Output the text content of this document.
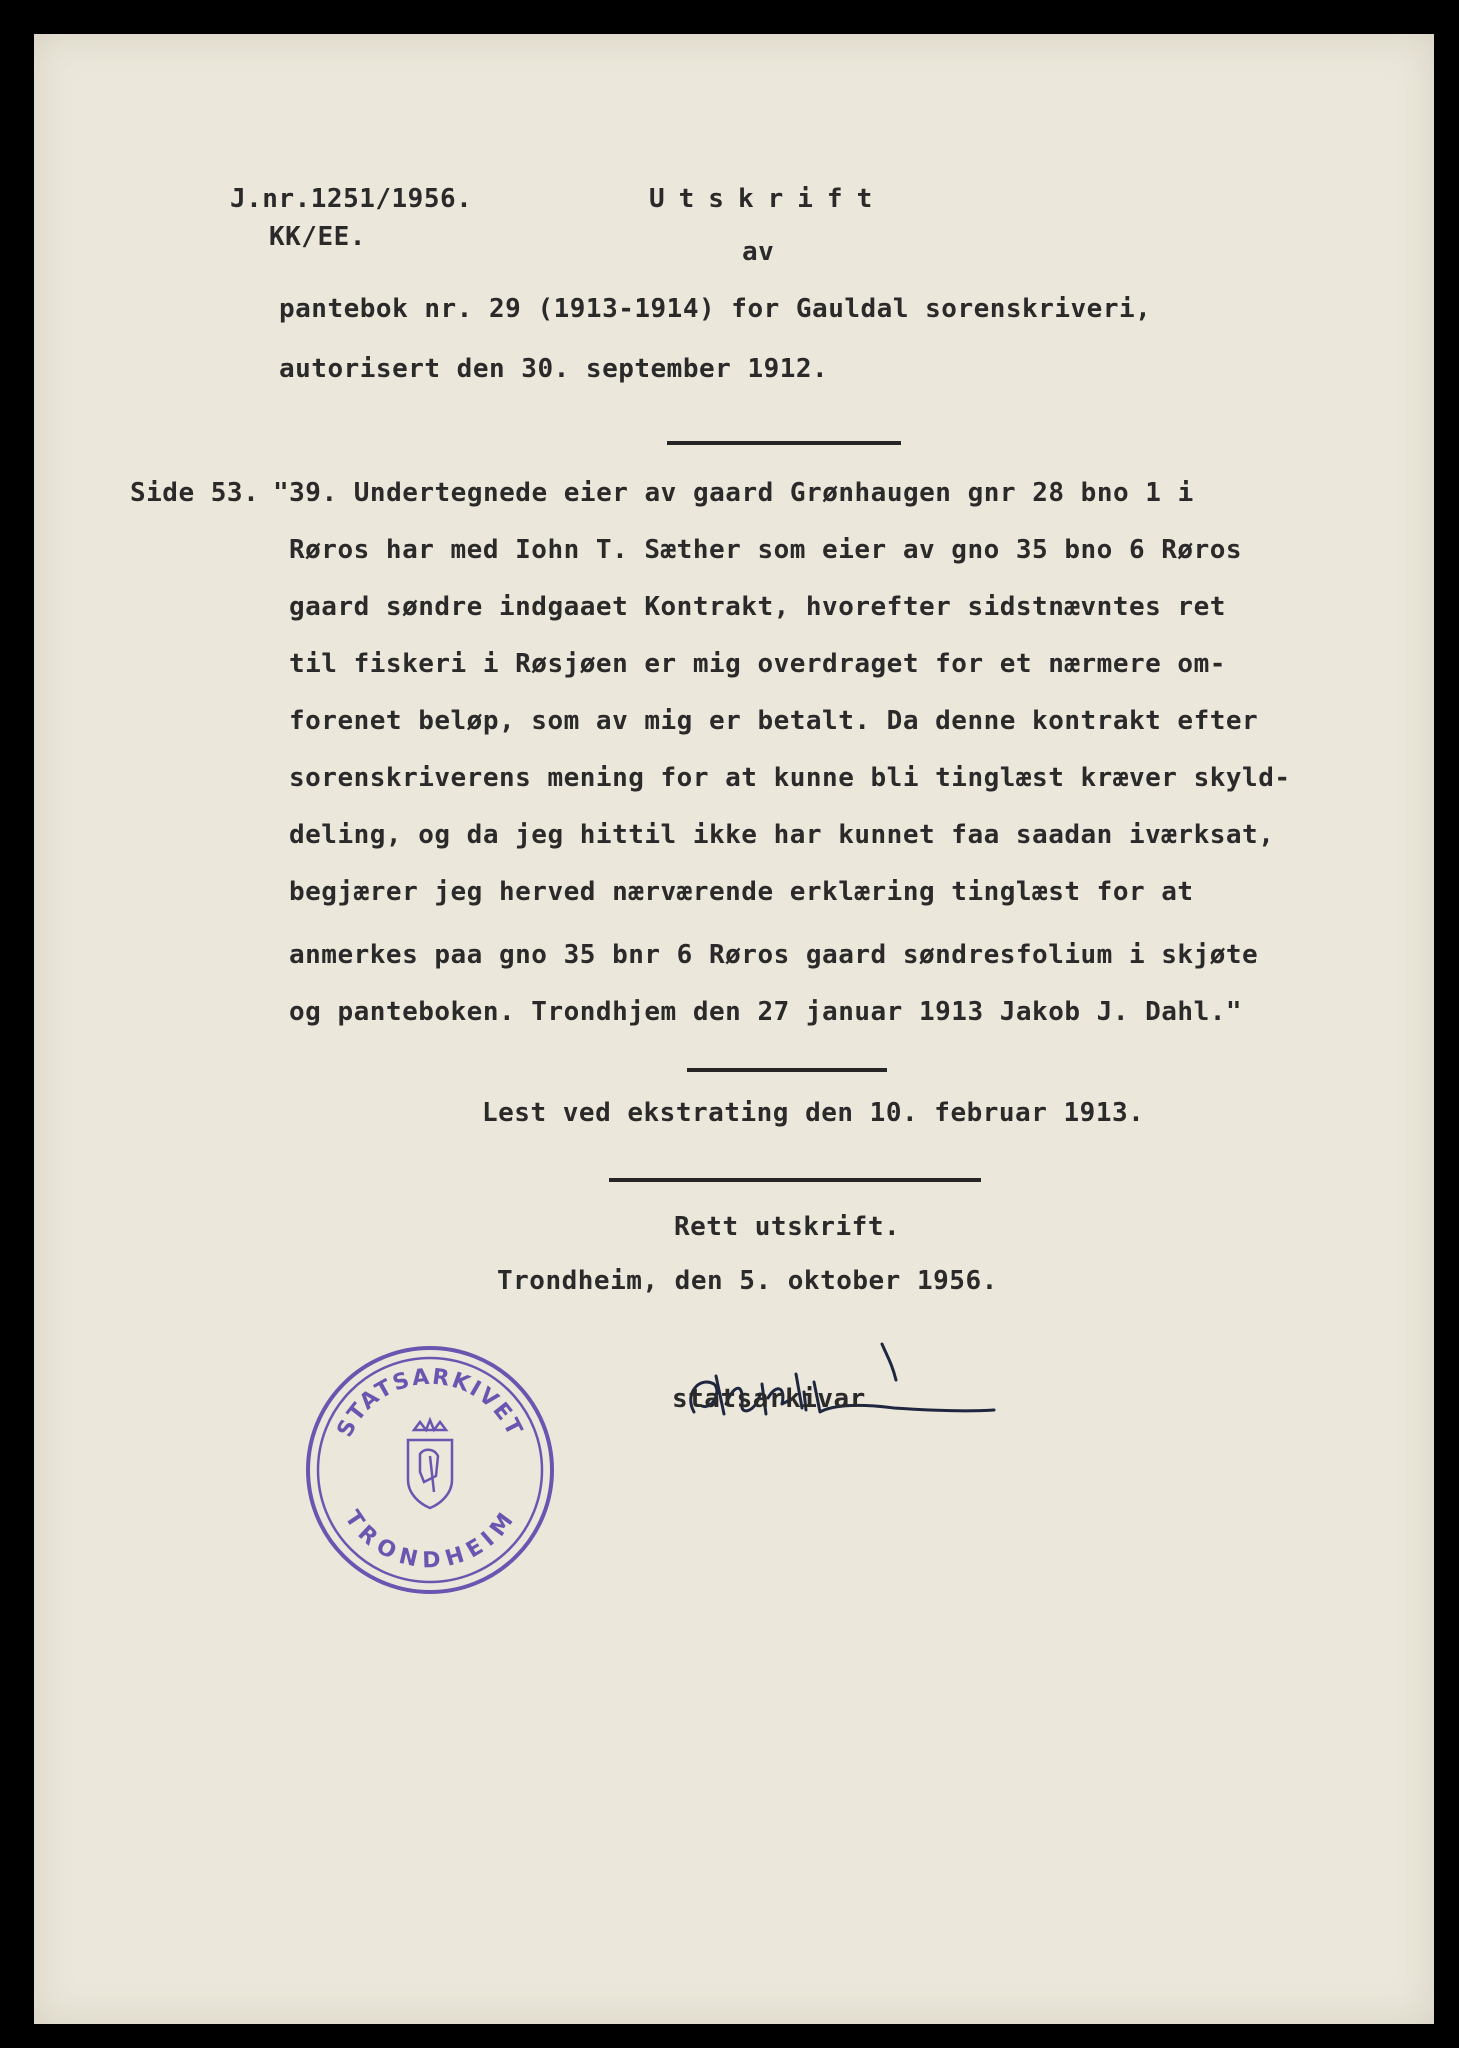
J.nr.1251/1956.
KK/EE.
Utskrift
av
pantebok nr. 29 (1913-1914) for Gauldal sorenskriveri,
autorisert den 30. september 1912.
Side 53. "39. Undertegnede eier av gaard Grønhaugen gnr 28 bno 1 i
Røros har med Iohn T. Sæther som eier av gno 35 bno 6 Røros
gaard søndre indgaaet Kontrakt, hvorefter sidstnævntes ret
til fiskeri i Røsjøen er mig overdraget for et nærmere om-
forenet beløp, som av mig er betalt. Da denne kontrakt efter
sorenskriverens mening for at kunne bli tinglæst kræver skyld-
deling, og da jeg hittil ikke har kunnet faa saadan iværksat,
begjærer jeg herved nærværende erklæring tinglæst for at
anmerkes paa gno 35 bnr 6 Røros gaard søndresfolium i skjøte
og panteboken. Trondhjem den 27 januar 1913 Jakob J. Dahl."
Lest ved ekstrating den 10. februar 1913.
Rett utskrift.
Trondheim, den 5. oktober 1956.
statsarkivar
STATSARKIVET
TRONDHEIM
